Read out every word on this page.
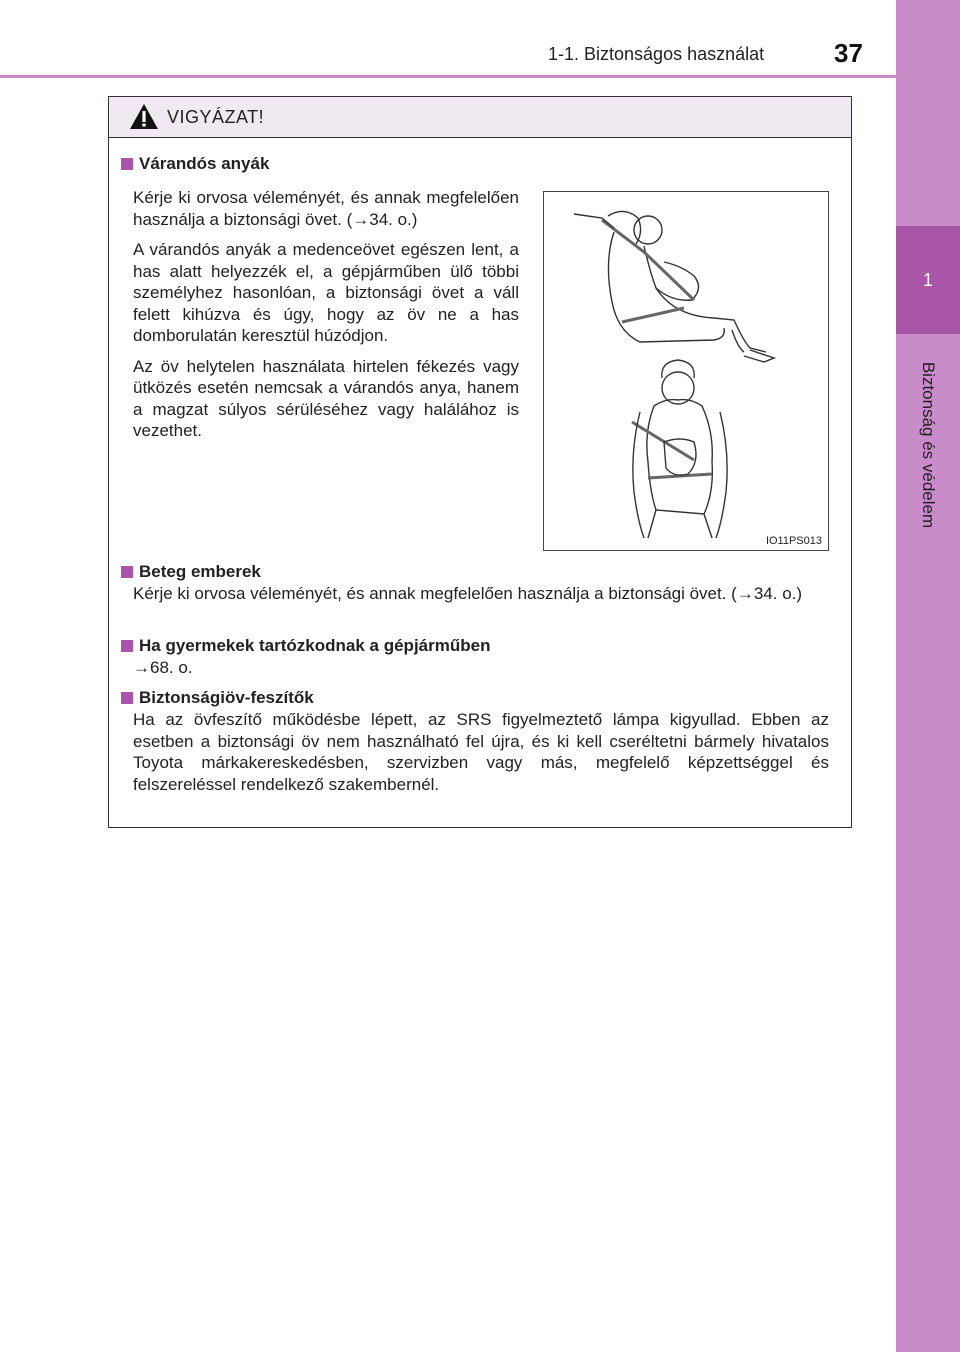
1-1. Biztonságos használat	37
1
Biztonság és védelem
VIGYÁZAT!
Várandós anyák

Kérje ki orvosa véleményét, és annak megfelelően használja a biztonsági övet. (→34. o.)

A várandós anyák a medenceövet egészen lent, a has alatt helyezzék el, a gépjárműben ülő többi személyhez hasonlóan, a biztonsági övet a váll felett kihúzva és úgy, hogy az öv ne a has domborulatán keresztül húzódjon.

Az öv helytelen használata hirtelen fékezés vagy ütközés esetén nemcsak a várandós anya, hanem a magzat súlyos sérüléséhez vagy halálához is vezethet.

IO11PS013
Beteg emberek
Kérje ki orvosa véleményét, és annak megfelelően használja a biztonsági övet. (→34. o.)
Ha gyermekek tartózkodnak a gépjárműben
→68. o.
Biztonságiöv-feszítők
Ha az övfeszítő működésbe lépett, az SRS figyelmeztető lámpa kigyullad. Ebben az esetben a biztonsági öv nem használható fel újra, és ki kell cseréltetni bármely hivatalos Toyota márkakereskedésben, szervizben vagy más, megfelelő képzettséggel és felszereléssel rendelkező szakembernél.
